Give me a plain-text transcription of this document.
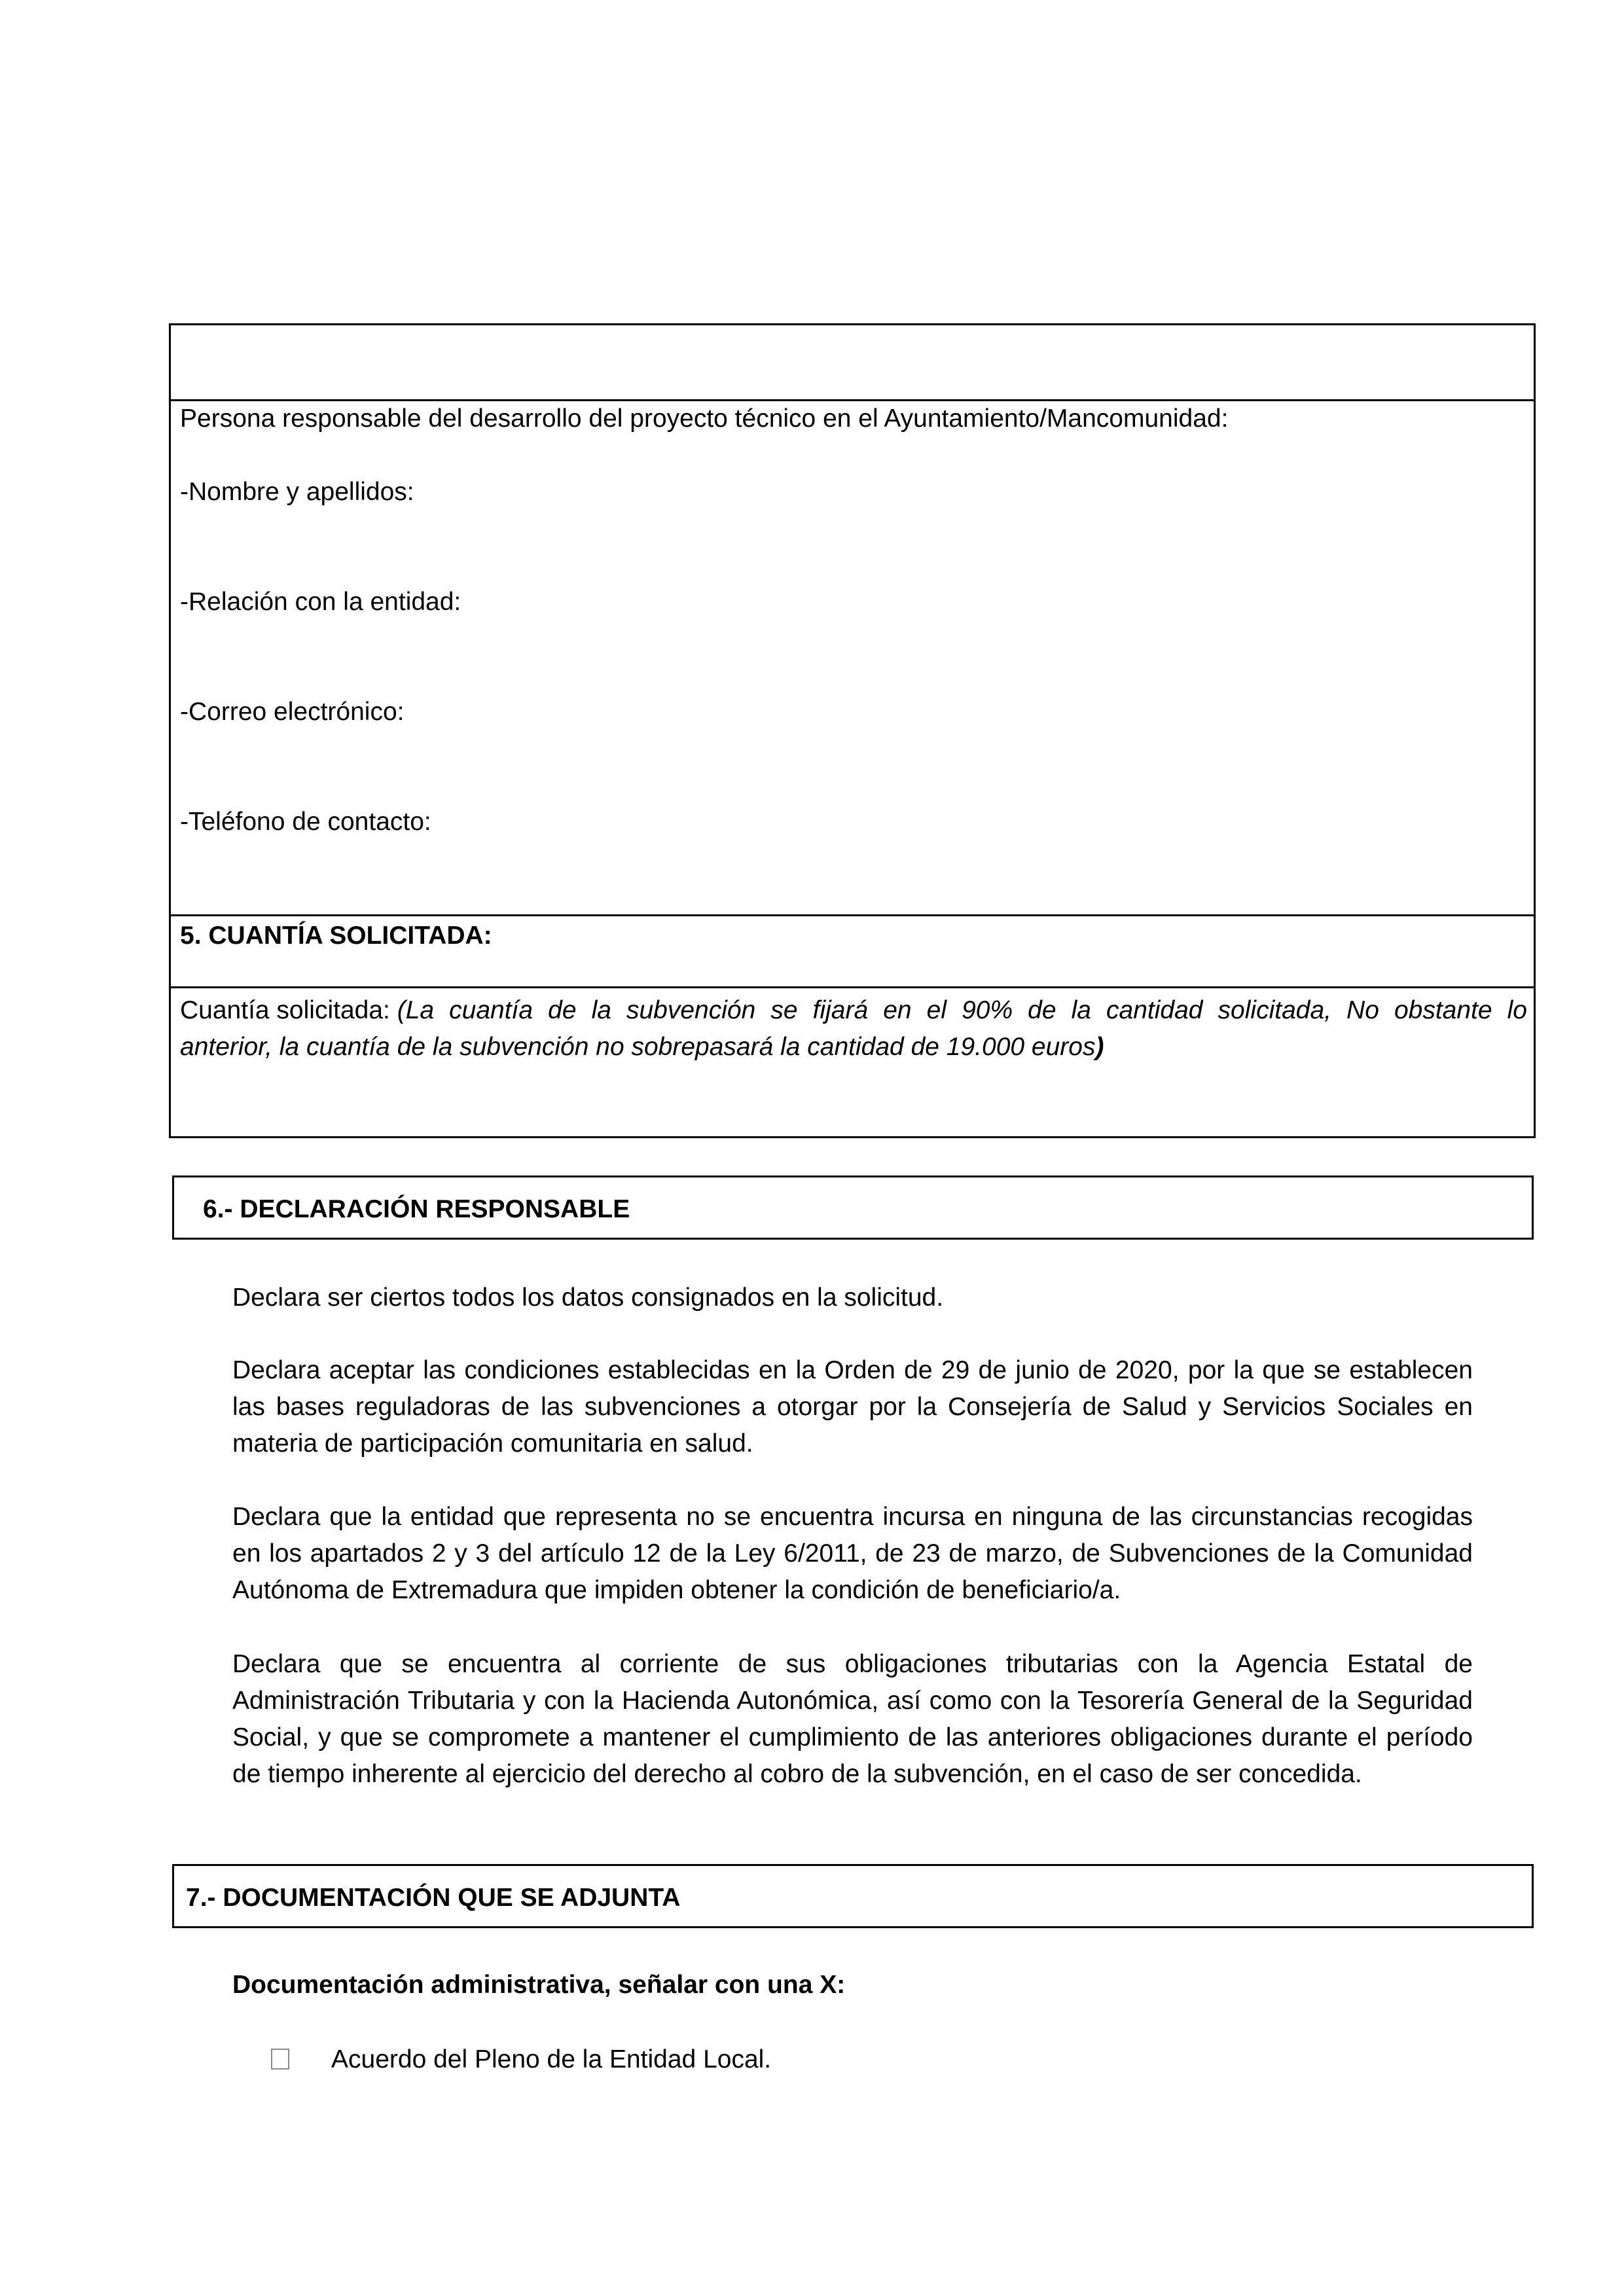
Persona responsable del desarrollo del proyecto técnico en el Ayuntamiento/Mancomunidad:
-Nombre y apellidos:
-Relación con la entidad:
-Correo electrónico:
-Teléfono de contacto:
5. CUANTÍA SOLICITADA:
Cuantía solicitada: (La cuantía de la subvención se fijará en el 90% de la cantidad solicitada, No obstante lo
anterior, la cuantía de la subvención no sobrepasará la cantidad de 19.000 euros)
6.- DECLARACIÓN RESPONSABLE
Declara ser ciertos todos los datos consignados en la solicitud.
Declara aceptar las condiciones establecidas en la Orden de 29 de junio de 2020, por la que se establecen las bases reguladoras de las subvenciones a otorgar por la Consejería de Salud y Servicios Sociales en materia de participación comunitaria en salud.
Declara que la entidad que representa no se encuentra incursa en ninguna de las circunstancias recogidas en los apartados 2 y 3 del artículo 12 de la Ley 6/2011, de 23 de marzo, de Subvenciones de la Comunidad Autónoma de Extremadura que impiden obtener la condición de beneficiario/a.
Declara que se encuentra al corriente de sus obligaciones tributarias con la Agencia Estatal de Administración Tributaria y con la Hacienda Autonómica, así como con la Tesorería General de la Seguridad Social, y que se compromete a mantener el cumplimiento de las anteriores obligaciones durante el período de tiempo inherente al ejercicio del derecho al cobro de la subvención, en el caso de ser concedida.
7.- DOCUMENTACIÓN QUE SE ADJUNTA
Documentación administrativa, señalar con una X:
Acuerdo del Pleno de la Entidad Local.
